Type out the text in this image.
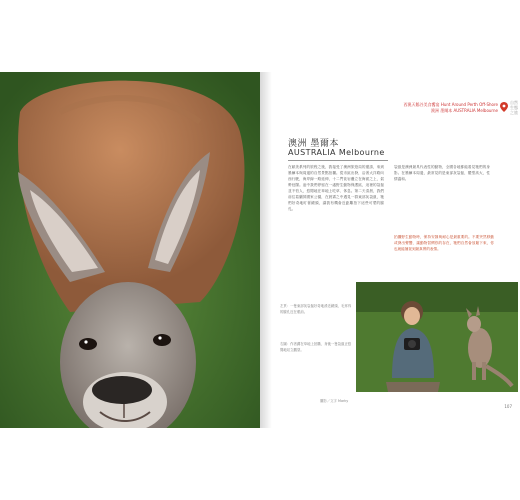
西澳天鵝谷美食饗宴 Hunt Around Perth Off-Shore
澳洲 墨爾本 AUSTRALIA Melbourne
自然生態之旅
澳洲 墨爾本
AUSTRALIA Melbourne
在歐美系列的旅程之後，我接受了澳洲旅遊局的邀請，來到墨爾本與周邊的自然景點拍攝。從市區出發，沿著大洋路向西行駛，海岸線一路延伸，十二門徒岩矗立在海面之上，氣勢壯闊。途中我們停留在一處野生動物保護區，這裡的袋鼠並不怕人，悠閒地在草地上吃草、休息。第二天清晨，我們前往葛蘭屏國家公園，在晨霧之中遇見一群東部灰袋鼠，牠們好奇地盯著鏡頭，讓我有機會近距離拍下這些可愛的臉孔。
袋鼠是澳洲最具代表性的動物，全國各地都能看見牠們的身影。在墨爾本周邊，最常見的是東部灰袋鼠，體型高大，性情溫和。
拍攝野生動物時，保持安靜與耐心是最重要的。不要突然移動或發出聲響，讓動物習慣你的存在，牠們自然會放鬆下來，你也就能捕捉到最真實的表情。
左頁：一隻東部灰袋鼠好奇地湊近鏡頭，毛茸茸的臉孔近在眼前。
右圖：作者蹲在草地上拍攝，身後一隻袋鼠正悠閒地站立觀望。
攝影／文字 Marky
107
